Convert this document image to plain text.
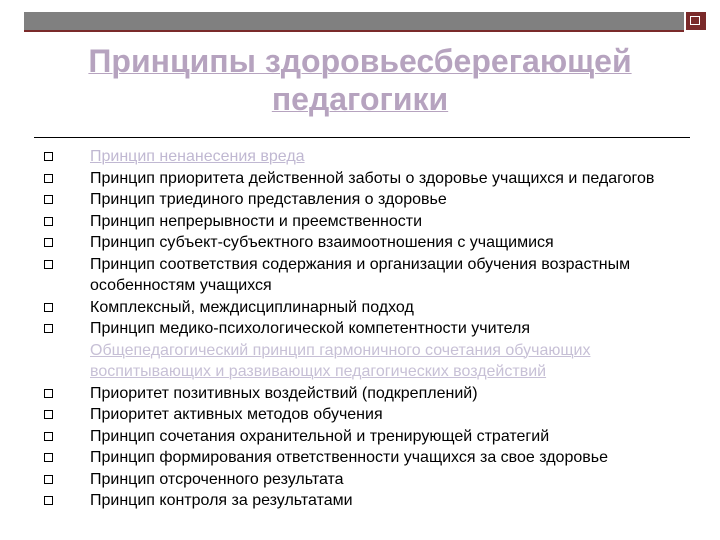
Принципы здоровьесберегающей педагогики
Принцип ненанесения вреда
Принцип приоритета действенной заботы о здоровье учащихся и педагогов
Принцип триединого представления о здоровье
Принцип непрерывности и преемственности
Принцип субъект-субъектного взаимоотношения с учащимися
Принцип соответствия содержания и организации обучения возрастным особенностям учащихся
Комплексный, междисциплинарный подход
Принцип медико-психологической компетентности учителя
Общепедагогический принцип гармоничного сочетания обучающих воспитывающих и развивающих педагогических воздействий
Приоритет позитивных воздействий (подкреплений)
Приоритет активных методов обучения
Принцип сочетания охранительной и тренирующей стратегий
Принцип формирования ответственности учащихся за свое здоровье
Принцип отсроченного результата
Принцип контроля за результатами
